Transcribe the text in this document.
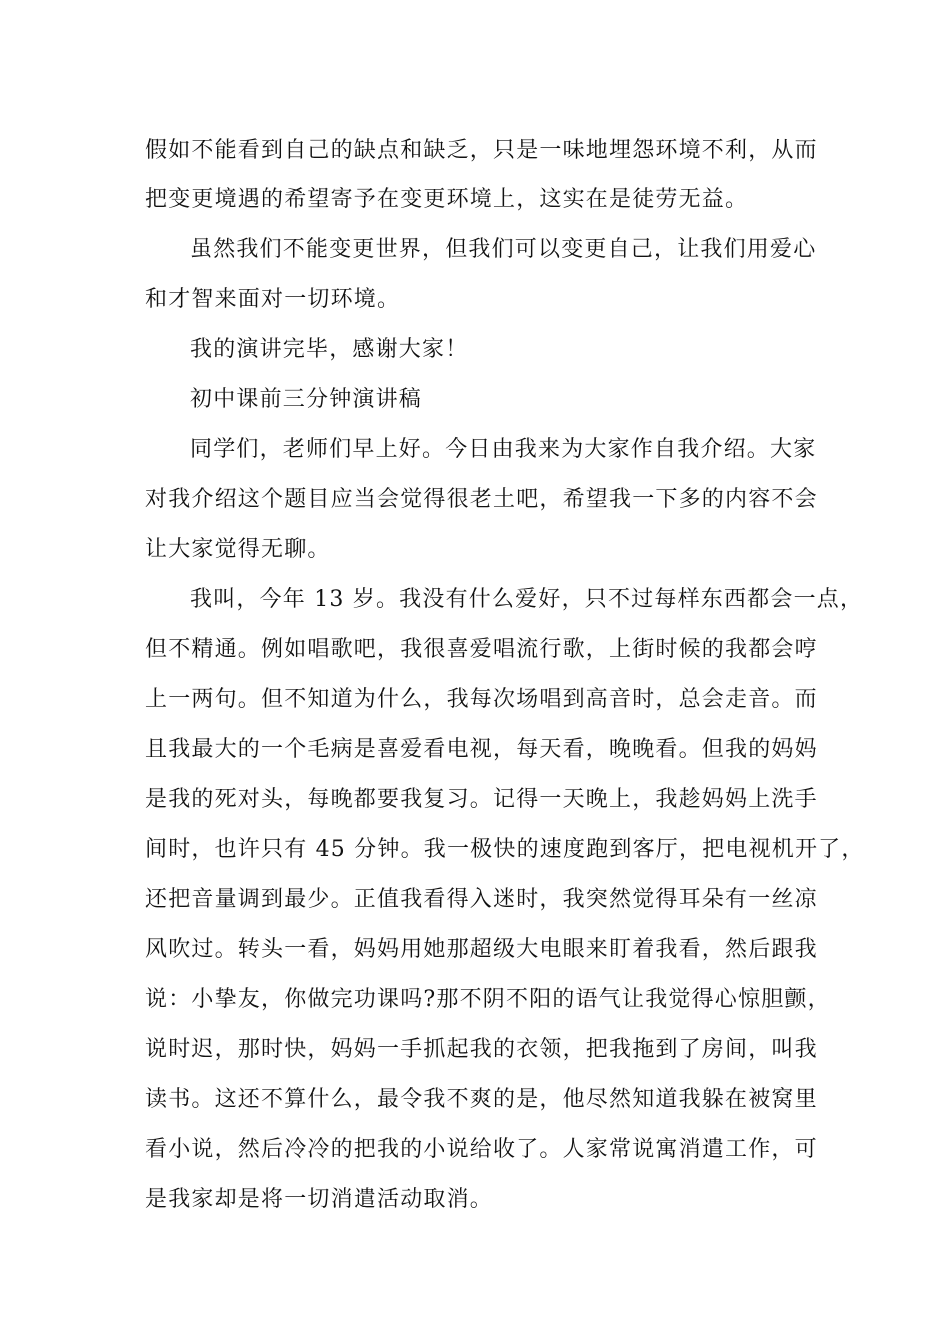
假如不能看到自己的缺点和缺乏，只是一味地埋怨环境不利，从而
把变更境遇的希望寄予在变更环境上，这实在是徒劳无益。
虽然我们不能变更世界，但我们可以变更自己，让我们用爱心
和才智来面对一切环境。
我的演讲完毕，感谢大家！
初中课前三分钟演讲稿
同学们，老师们早上好。今日由我来为大家作自我介绍。大家
对我介绍这个题目应当会觉得很老土吧，希望我一下多的内容不会
让大家觉得无聊。
我叫，今年 13 岁。我没有什么爱好，只不过每样东西都会一点，
但不精通。例如唱歌吧，我很喜爱唱流行歌，上街时候的我都会哼
上一两句。但不知道为什么，我每次场唱到高音时，总会走音。而
且我最大的一个毛病是喜爱看电视，每天看，晚晚看。但我的妈妈
是我的死对头，每晚都要我复习。记得一天晚上，我趁妈妈上洗手
间时，也许只有 45 分钟。我一极快的速度跑到客厅，把电视机开了，
还把音量调到最少。正值我看得入迷时，我突然觉得耳朵有一丝凉
风吹过。转头一看，妈妈用她那超级大电眼来盯着我看，然后跟我
说：小挚友，你做完功课吗?那不阴不阳的语气让我觉得心惊胆颤，
说时迟，那时快，妈妈一手抓起我的衣领，把我拖到了房间，叫我
读书。这还不算什么，最令我不爽的是，他尽然知道我躲在被窝里
看小说，然后冷冷的把我的小说给收了。人家常说寓消遣工作，可
是我家却是将一切消遣活动取消。
